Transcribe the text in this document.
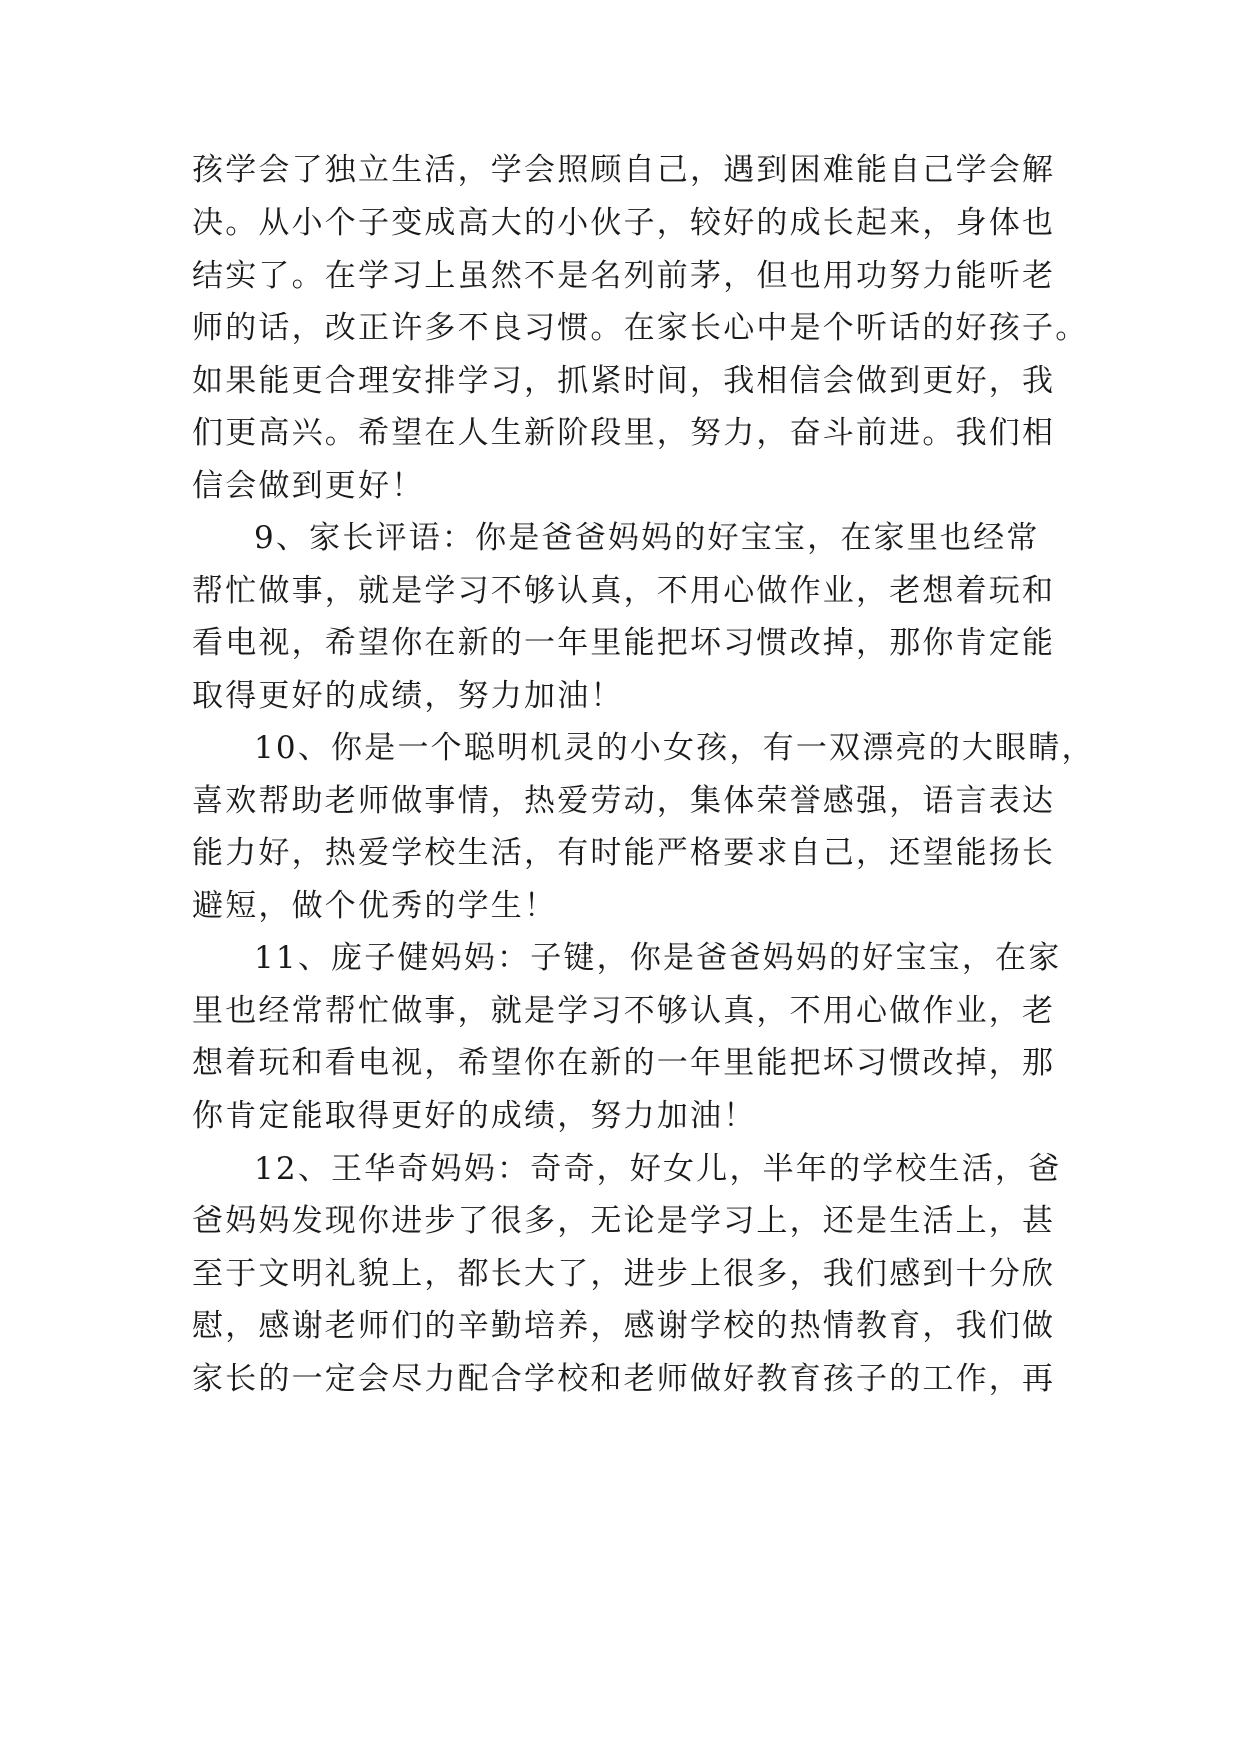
孩学会了独立生活，学会照顾自己，遇到困难能自己学会解
决。从小个子变成高大的小伙子，较好的成长起来，身体也
结实了。在学习上虽然不是名列前茅，但也用功努力能听老
师的话，改正许多不良习惯。在家长心中是个听话的好孩子。
如果能更合理安排学习，抓紧时间，我相信会做到更好，我
们更高兴。希望在人生新阶段里，努力，奋斗前进。我们相
信会做到更好！
9、家长评语：你是爸爸妈妈的好宝宝，在家里也经常
帮忙做事，就是学习不够认真，不用心做作业，老想着玩和
看电视，希望你在新的一年里能把坏习惯改掉，那你肯定能
取得更好的成绩，努力加油！
10、你是一个聪明机灵的小女孩，有一双漂亮的大眼睛，
喜欢帮助老师做事情，热爱劳动，集体荣誉感强，语言表达
能力好，热爱学校生活，有时能严格要求自己，还望能扬长
避短，做个优秀的学生！
11、庞子健妈妈：子键，你是爸爸妈妈的好宝宝，在家
里也经常帮忙做事，就是学习不够认真，不用心做作业，老
想着玩和看电视，希望你在新的一年里能把坏习惯改掉，那
你肯定能取得更好的成绩，努力加油！
12、王华奇妈妈：奇奇，好女儿，半年的学校生活，爸
爸妈妈发现你进步了很多，无论是学习上，还是生活上，甚
至于文明礼貌上，都长大了，进步上很多，我们感到十分欣
慰，感谢老师们的辛勤培养，感谢学校的热情教育，我们做
家长的一定会尽力配合学校和老师做好教育孩子的工作，再
